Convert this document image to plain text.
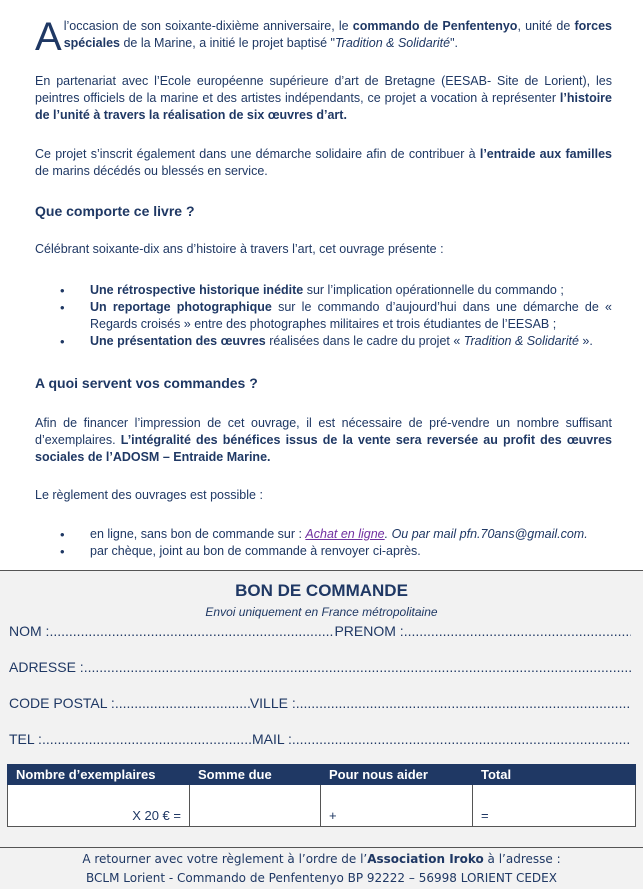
Al’occasion de son soixante-dixième anniversaire, le commando de Penfentenyo, unité de forces spéciales de la Marine, a initié le projet baptisé "Tradition & Solidarité".
En partenariat avec l’Ecole européenne supérieure d’art de Bretagne (EESAB- Site de Lorient), les peintres officiels de la marine et des artistes indépendants, ce projet a vocation à représenter l’histoire de l’unité à travers la réalisation de six œuvres d’art.
Ce projet s’inscrit également dans une démarche solidaire afin de contribuer à l’entraide aux familles de marins décédés ou blessés en service.
Que comporte ce livre ?
Célébrant soixante-dix ans d’histoire à travers l’art, cet ouvrage présente :
• Une rétrospective historique inédite sur l’implication opérationnelle du commando ;
• Un reportage photographique sur le commando d’aujourd’hui dans une démarche de « Regards croisés » entre des photographes militaires et trois étudiantes de l’EESAB ;
• Une présentation des œuvres réalisées dans le cadre du projet « Tradition & Solidarité ».
A quoi servent vos commandes ?
Afin de financer l’impression de cet ouvrage, il est nécessaire de pré-vendre un nombre suffisant d’exemplaires. L’intégralité des bénéfices issus de la vente sera reversée au profit des œuvres sociales de l’ADOSM – Entraide Marine.
Le règlement des ouvrages est possible :
• en ligne, sans bon de commande sur : Achat en ligne. Ou par mail pfn.70ans@gmail.com.
• par chèque, joint au bon de commande à renvoyer ci-après.
BON DE COMMANDE
Envoi uniquement en France métropolitaine
NOM : .....	PRENOM :
.....
ADRESSE :
.....
CODE POSTAL : .....	VILLE :
.....
TEL : .....	MAIL :
.....
Nombre d’exemplaires	Somme due	Pour nous aider	Total
X 20 € =		+	=
A retourner avec votre règlement à l’ordre de l’Association Iroko à l’adresse :
BCLM Lorient - Commando de Penfentenyo BP 92222 – 56998 LORIENT CEDEX
